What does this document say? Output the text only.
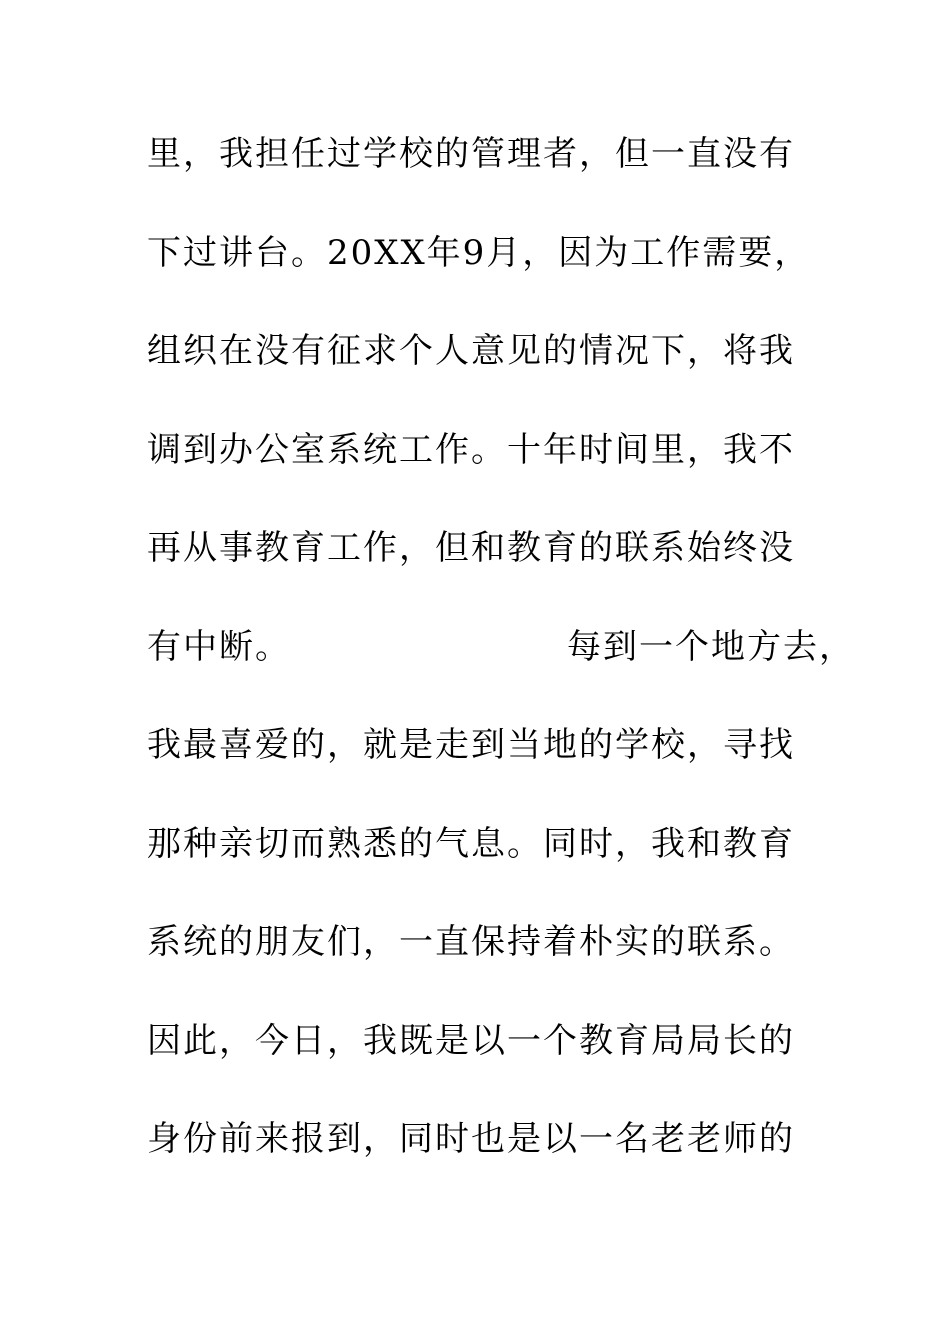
里，我担任过学校的管理者，但一直没有
下过讲台。20XX年9月，因为工作需要，
组织在没有征求个人意见的情况下，将我
调到办公室系统工作。十年时间里，我不
再从事教育工作，但和教育的联系始终没
有中断。	每到一个地方去，
我最喜爱的，就是走到当地的学校，寻找
那种亲切而熟悉的气息。同时，我和教育
系统的朋友们，一直保持着朴实的联系。
因此，今日，我既是以一个教育局局长的
身份前来报到，同时也是以一名老老师的
